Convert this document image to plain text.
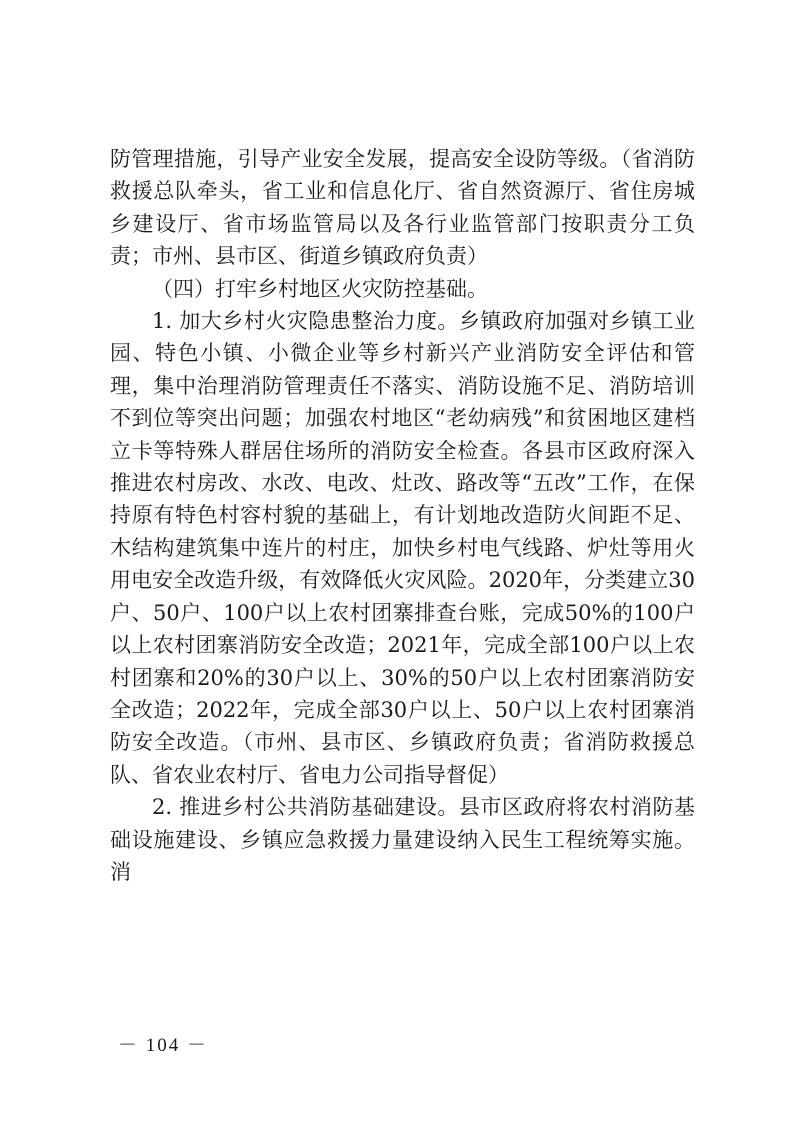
防管理措施，引导产业安全发展，提高安全设防等级。（省消防救援总队牵头，省工业和信息化厅、省自然资源厅、省住房城乡建设厅、省市场监管局以及各行业监管部门按职责分工负责；市州、县市区、街道乡镇政府负责）

（四）打牢乡村地区火灾防控基础。

1. 加大乡村火灾隐患整治力度。乡镇政府加强对乡镇工业园、特色小镇、小微企业等乡村新兴产业消防安全评估和管理，集中治理消防管理责任不落实、消防设施不足、消防培训不到位等突出问题；加强农村地区“老幼病残”和贫困地区建档立卡等特殊人群居住场所的消防安全检查。各县市区政府深入推进农村房改、水改、电改、灶改、路改等“五改”工作，在保持原有特色村容村貌的基础上，有计划地改造防火间距不足、木结构建筑集中连片的村庄，加快乡村电气线路、炉灶等用火用电安全改造升级，有效降低火灾风险。2020年，分类建立30户、50户、100户以上农村团寨排查台账，完成50%的100户以上农村团寨消防安全改造；2021年，完成全部100户以上农村团寨和20%的30户以上、30%的50户以上农村团寨消防安全改造；2022年，完成全部30户以上、50户以上农村团寨消防安全改造。（市州、县市区、乡镇政府负责；省消防救援总队、省农业农村厅、省电力公司指导督促）

2. 推进乡村公共消防基础建设。县市区政府将农村消防基础设施建设、乡镇应急救援力量建设纳入民生工程统筹实施。消

－ 104 －
